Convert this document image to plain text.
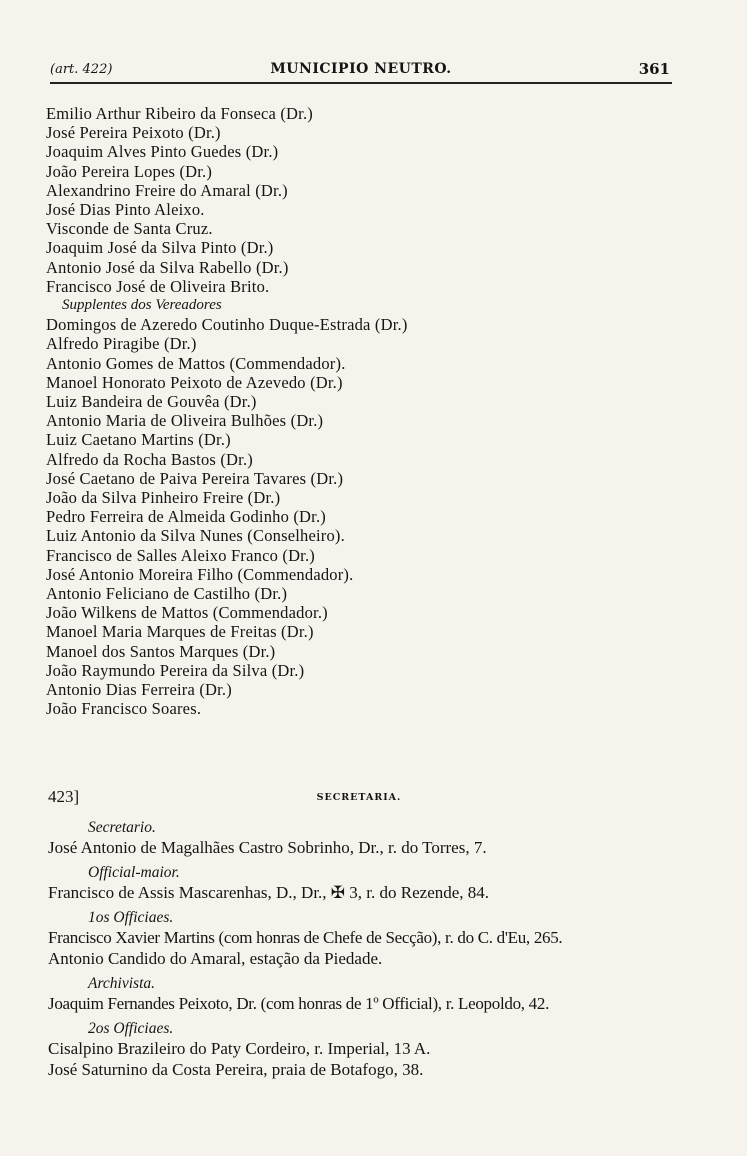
(art. 422)	MUNICIPIO NEUTRO.	361
Emilio Arthur Ribeiro da Fonseca (Dr.)
José Pereira Peixoto (Dr.)
Joaquim Alves Pinto Guedes (Dr.)
João Pereira Lopes (Dr.)
Alexandrino Freire do Amaral (Dr.)
José Dias Pinto Aleixo.
Visconde de Santa Cruz.
Joaquim José da Silva Pinto (Dr.)
Antonio José da Silva Rabello (Dr.)
Francisco José de Oliveira Brito.
Supplentes dos Vereadores
Domingos de Azeredo Coutinho Duque-Estrada (Dr.)
Alfredo Piragibe (Dr.)
Antonio Gomes de Mattos (Commendador).
Manoel Honorato Peixoto de Azevedo (Dr.)
Luiz Bandeira de Gouvêa (Dr.)
Antonio Maria de Oliveira Bulhões (Dr.)
Luiz Caetano Martins (Dr.)
Alfredo da Rocha Bastos (Dr.)
José Caetano de Paiva Pereira Tavares (Dr.)
João da Silva Pinheiro Freire (Dr.)
Pedro Ferreira de Almeida Godinho (Dr.)
Luiz Antonio da Silva Nunes (Conselheiro).
Francisco de Salles Aleixo Franco (Dr.)
José Antonio Moreira Filho (Commendador).
Antonio Feliciano de Castilho (Dr.)
João Wilkens de Mattos (Commendador.)
Manoel Maria Marques de Freitas (Dr.)
Manoel dos Santos Marques (Dr.)
João Raymundo Pereira da Silva (Dr.)
Antonio Dias Ferreira (Dr.)
João Francisco Soares.
423]	SECRETARIA.
Secretario.
José Antonio de Magalhães Castro Sobrinho, Dr., r. do Torres, 7.
Official-maior.
Francisco de Assis Mascarenhas, D., Dr., ✠ 3, r. do Rezende, 84.
1os Officiaes.
Francisco Xavier Martins (com honras de Chefe de Secção), r. do C. d'Eu, 265.
Antonio Candido do Amaral, estação da Piedade.
Archivista.
Joaquim Fernandes Peixoto, Dr. (com honras de 1º Official), r. Leopoldo, 42.
2os Officiaes.
Cisalpino Brazileiro do Paty Cordeiro, r. Imperial, 13 A.
José Saturnino da Costa Pereira, praia de Botafogo, 38.
